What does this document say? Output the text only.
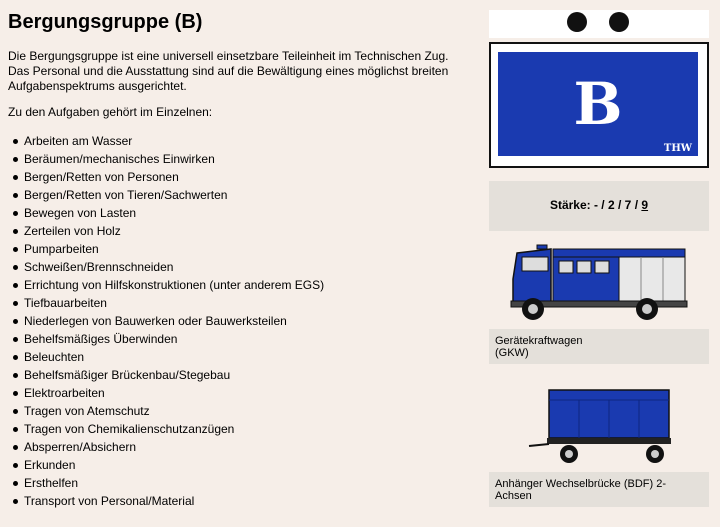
Bergungsgruppe (B)

Die Bergungsgruppe ist eine universell einsetzbare Teileinheit im Technischen Zug. Das Personal und die Ausstattung sind auf die Bewältigung eines möglichst breiten Aufgabenspektrums ausgerichtet.

Zu den Aufgaben gehört im Einzelnen:

Arbeiten am Wasser
Beräumen/mechanisches Einwirken
Bergen/Retten von Personen
Bergen/Retten von Tieren/Sachwerten
Bewegen von Lasten
Zerteilen von Holz
Pumparbeiten
Schweißen/Brennschneiden
Errichtung von Hilfskonstruktionen (unter anderem EGS)
Tiefbauarbeiten
Niederlegen von Bauwerken oder Bauwerksteilen
Behelfsmäßiges Überwinden
Beleuchten
Behelfsmäßiger Brückenbau/Stegebau
Elektroarbeiten
Tragen von Atemschutz
Tragen von Chemikalienschutzanzügen
Absperren/Absichern
Erkunden
Ersthelfen
Transport von Personal/Material
B
THW
Stärke: - / 2 / 7 / 9
Gerätekraftwagen
(GKW)
Anhänger Wechselbrücke (BDF) 2-
Achsen
